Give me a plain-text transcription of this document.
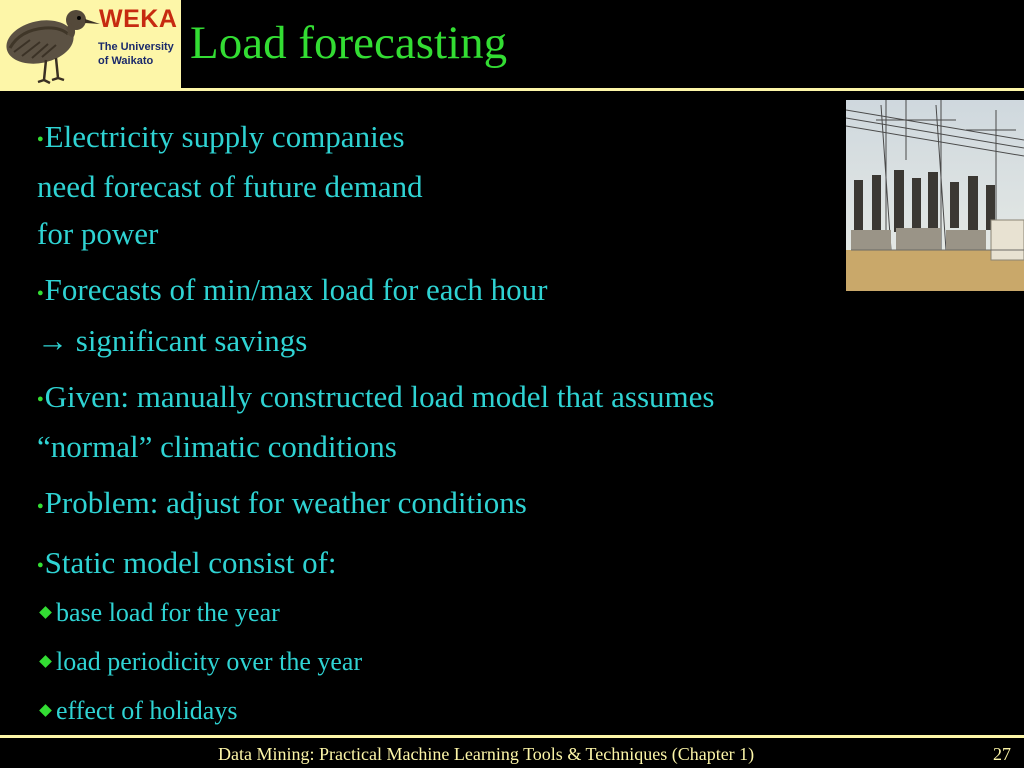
WEKA
The University
of Waikato Load forecasting
●Electricity supply companies
need forecast of future demand
for power
●Forecasts of min/max load for each hour
→ significant savings
●Given: manually constructed load model that assumes
“normal” climatic conditions
●Problem: adjust for weather conditions
●Static model consist of:
base load for the year
load periodicity over the year
effect of holidays
Data Mining: Practical Machine Learning Tools & Techniques (Chapter 1)	27
